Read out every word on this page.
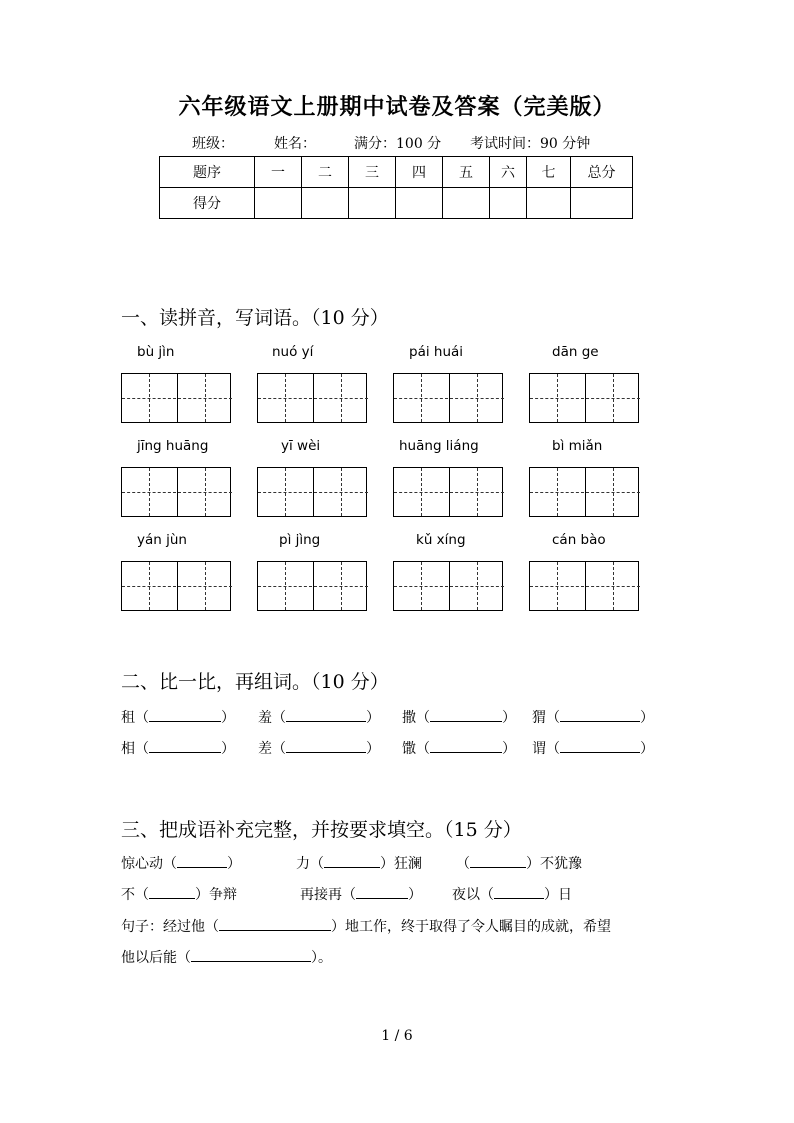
六年级语文上册期中试卷及答案（完美版）
班级：	姓名：	满分：100 分 考试时间：90 分钟
题序	一	二	三	四	五	六	七	总分
得分								
一、读拼音，写词语。（10 分）
bù jìn	nuó yí	pái huái	dān ge
jīng huāng	yī wèi	huāng liáng	bì miǎn
yán jùn	pì jìng	kǔ xíng	cán bào
二、比一比，再组词。（10 分）
租（	） 羞（	） 撒（	） 猬（	）
相（	） 差（	） 馓（	） 谓（	）
三、把成语补充完整，并按要求填空。（15 分）
惊心动（	）	力（	）狂澜 （	）不犹豫
不（	）争辩	再接再（	） 夜以（	）日
句子：经过他（	）地工作，终于取得了令人瞩目的成就，希望
他以后能（	）。
1 / 6
